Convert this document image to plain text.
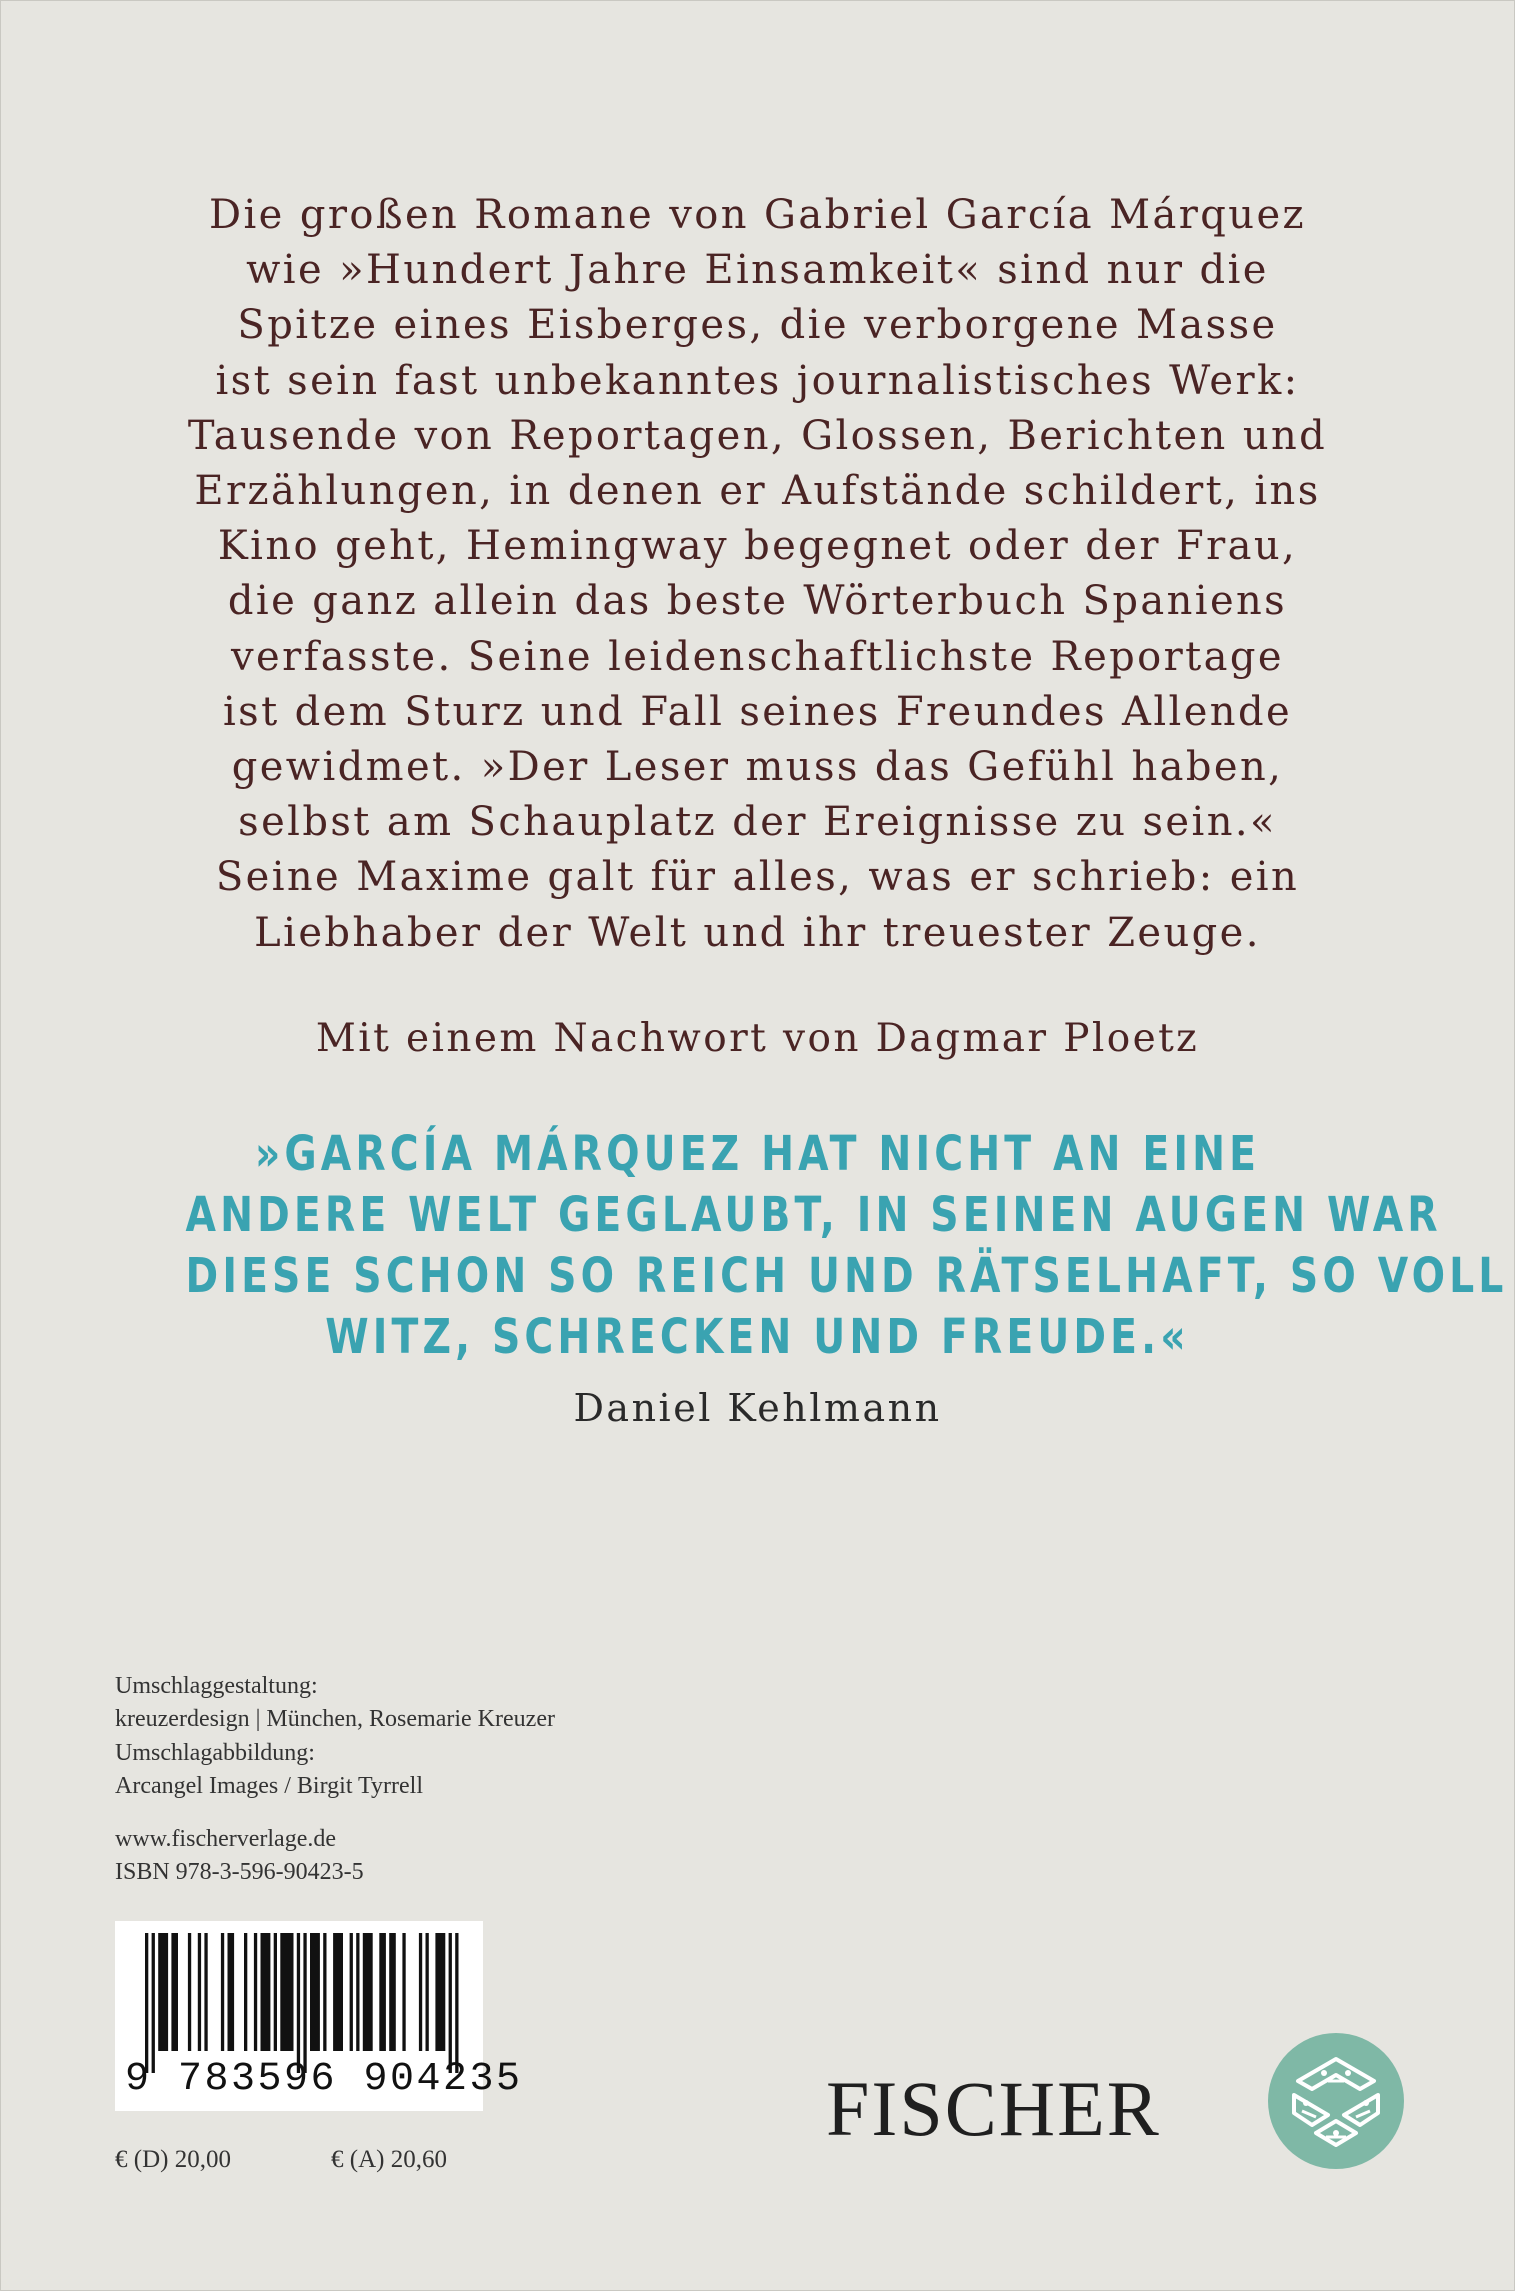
Die großen Romane von Gabriel García Márquez
wie »Hundert Jahre Einsamkeit« sind nur die
Spitze eines Eisberges, die verborgene Masse
ist sein fast unbekanntes journalistisches Werk:
Tausende von Reportagen, Glossen, Berichten und
Erzählungen, in denen er Aufstände schildert, ins
Kino geht, Hemingway begegnet oder der Frau,
die ganz allein das beste Wörterbuch Spaniens
verfasste. Seine leidenschaftlichste Reportage
ist dem Sturz und Fall seines Freundes Allende
gewidmet. »Der Leser muss das Gefühl haben,
selbst am Schauplatz der Ereignisse zu sein.«
Seine Maxime galt für alles, was er schrieb: ein
Liebhaber der Welt und ihr treuester Zeuge.
Mit einem Nachwort von Dagmar Ploetz
»GARCÍA MÁRQUEZ HAT NICHT AN EINE
ANDERE WELT GEGLAUBT, IN SEINEN AUGEN WAR
DIESE SCHON SO REICH UND RÄTSELHAFT, SO VOLL
WITZ, SCHRECKEN UND FREUDE.«
Daniel Kehlmann
Umschlaggestaltung:
kreuzerdesign | München, Rosemarie Kreuzer
Umschlagabbildung:
Arcangel Images / Birgit Tyrrell
www.fischerverlage.de
ISBN 978-3-596-90423-5
9 783596 904235
€ (D) 20,00	€ (A) 20,60
FISCHER
